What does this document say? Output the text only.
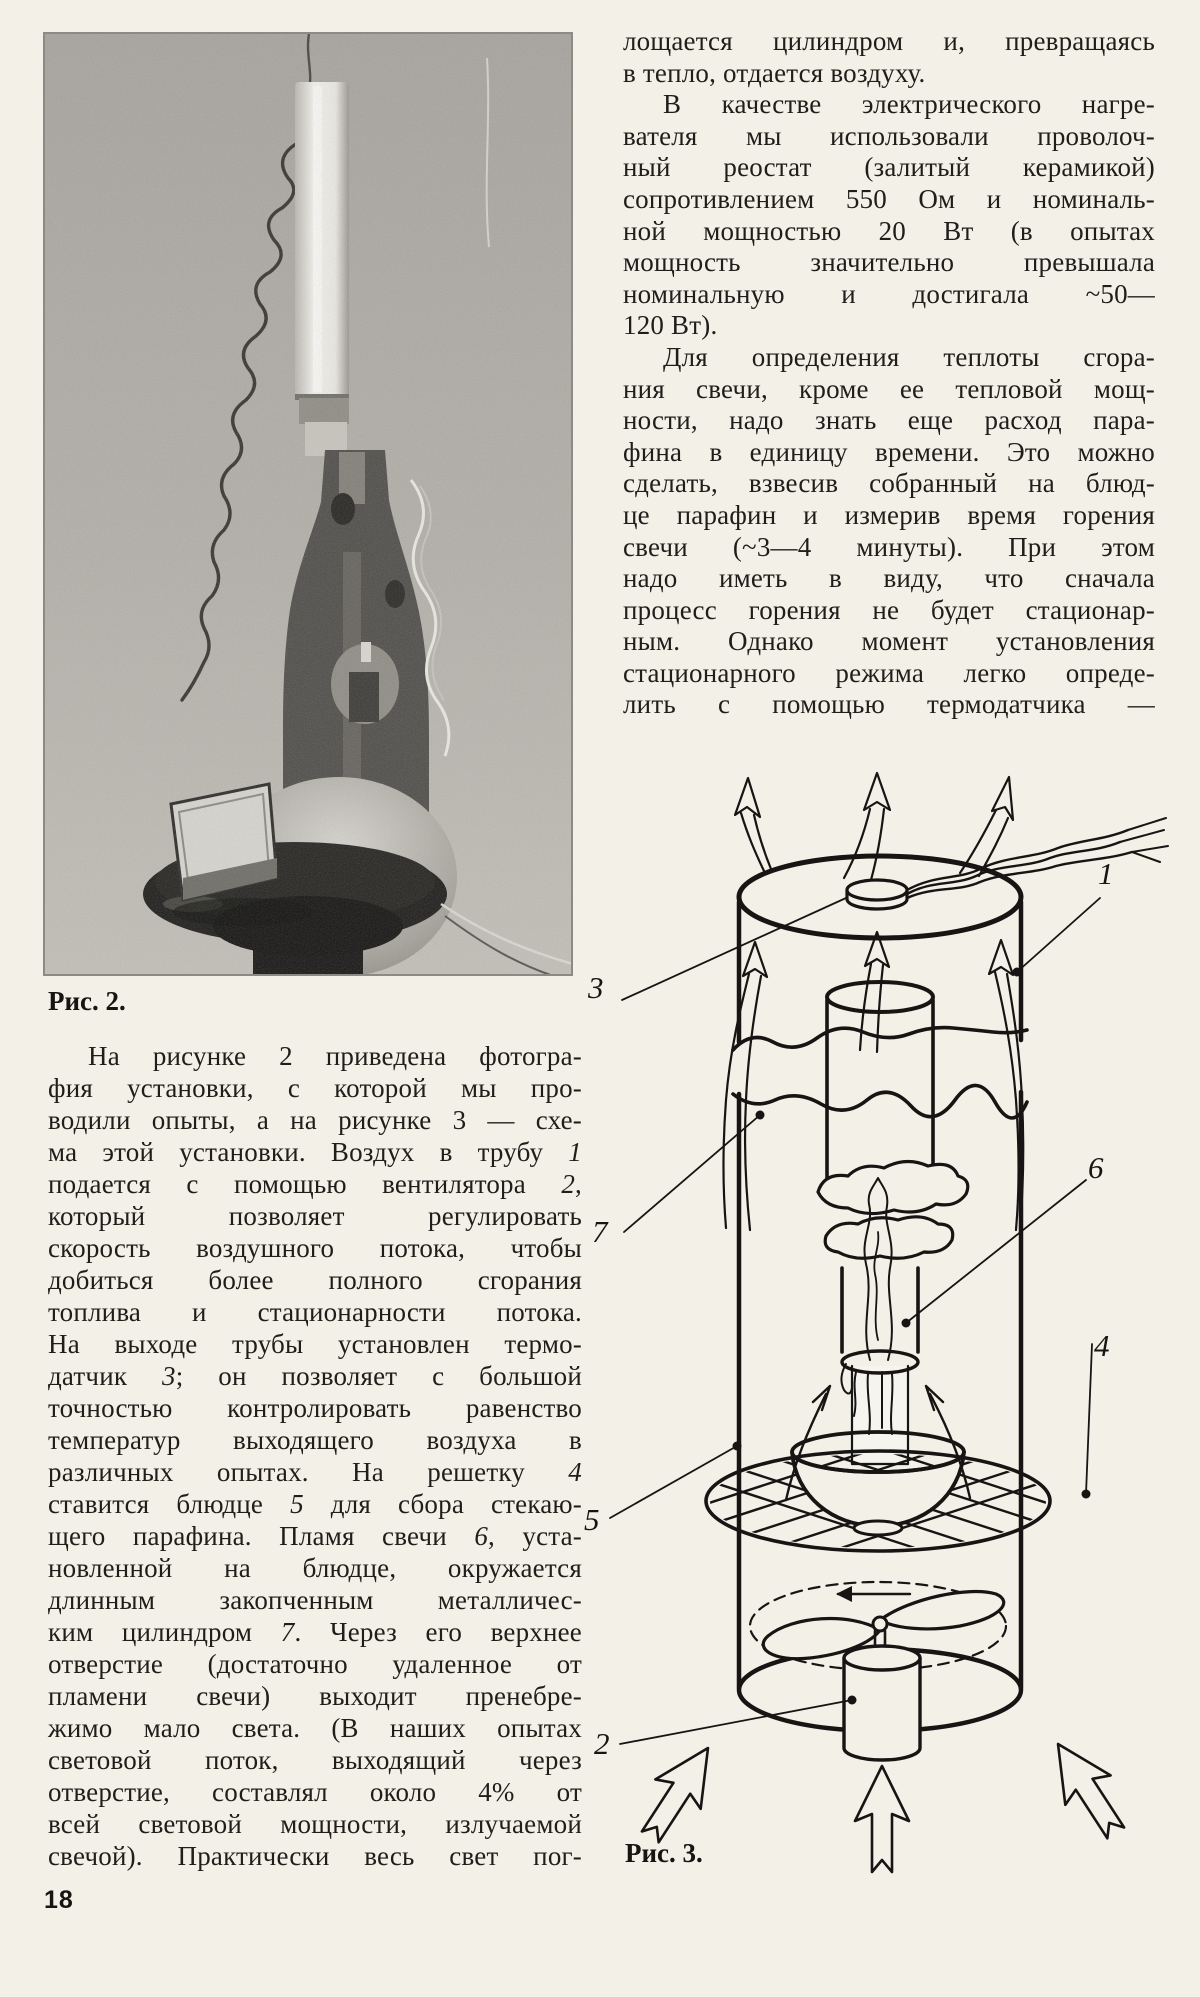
Рис. 2.
На рисунке 2 приведена фотогра-
фия установки, с которой мы про-
водили опыты, а на рисунке 3 — схе-
ма этой установки. Воздух в трубу 1
подается с помощью вентилятора 2,
который позволяет регулировать
скорость воздушного потока, чтобы
добиться более полного сгорания
топлива и стационарности потока.
На выходе трубы установлен термо-
датчик 3; он позволяет с большой
точностью контролировать равенство
температур выходящего воздуха в
различных опытах. На решетку 4
ставится блюдце 5 для сбора стекаю-
щего парафина. Пламя свечи 6, уста-
новленной на блюдце, окружается
длинным закопченным металличес-
ким цилиндром 7. Через его верхнее
отверстие (достаточно удаленное от
пламени свечи) выходит пренебре-
жимо мало света. (В наших опытах
световой поток, выходящий через
отверстие, составлял около 4% от
всей световой мощности, излучаемой
свечой). Практически весь свет пог-
лощается цилиндром и, превращаясь
в тепло, отдается воздуху.
В качестве электрического нагре-
вателя мы использовали проволоч-
ный реостат (залитый керамикой)
сопротивлением 550 Ом и номиналь-
ной мощностью 20 Вт (в опытах
мощность значительно превышала
номинальную и достигала ~50—
120 Вт).
Для определения теплоты сгора-
ния свечи, кроме ее тепловой мощ-
ности, надо знать еще расход пара-
фина в единицу времени. Это можно
сделать, взвесив собранный на блюд-
це парафин и измерив время горения
свечи (~3—4 минуты). При этом
надо иметь в виду, что сначала
процесс горения не будет стационар-
ным. Однако момент установления
стационарного режима легко опреде-
лить с помощью термодатчика —
1
2
3
4
5
6
7
Рис. 3.
18
